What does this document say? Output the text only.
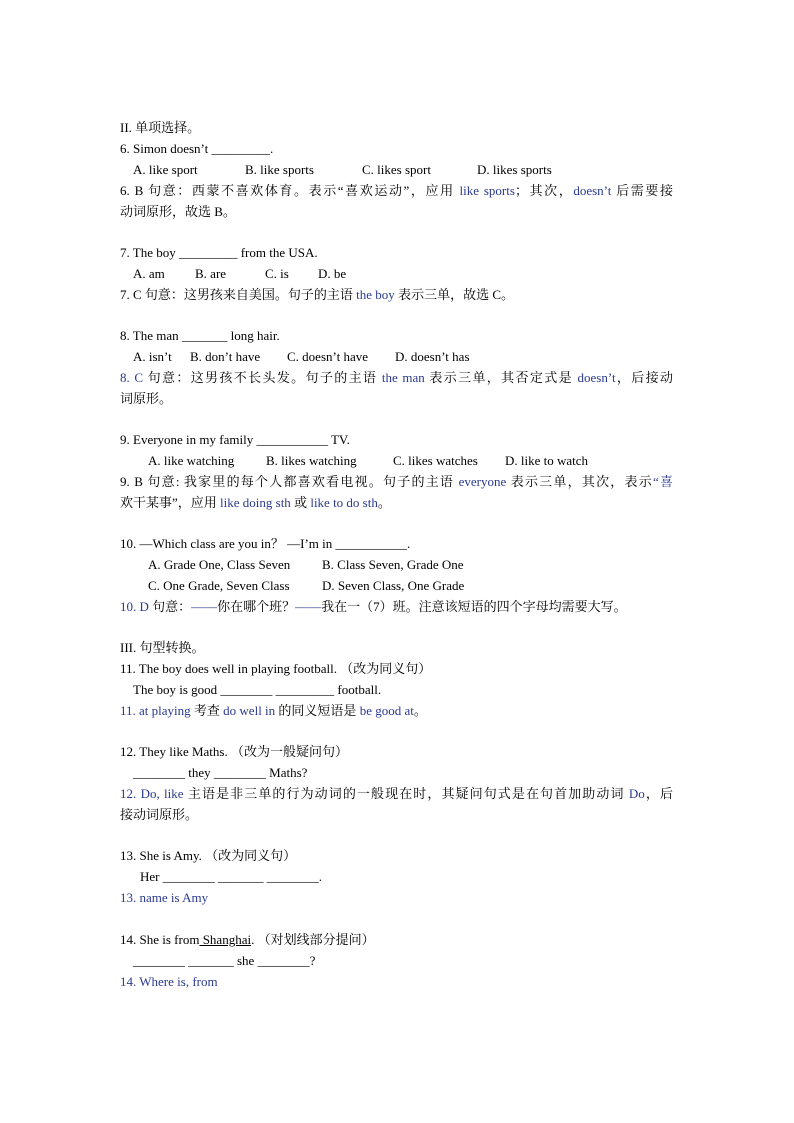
II. 单项选择。
6. Simon doesn’t _________.
A. like sport	B. like sports	C. likes sport	D. likes sports
6. B 句意：西蒙不喜欢体育。表示“喜欢运动”，应用 like sports；其次，doesn’t 后需要接
动词原形，故选 B。
7. The boy _________ from the USA.
A. am B. are	C. is D. be
7. C 句意：这男孩来自美国。句子的主语 the boy 表示三单，故选 C。
8. The man _______ long hair.
A. isn’t B. don’t have C. doesn’t have D. doesn’t has
8. C 句意：这男孩不长头发。句子的主语 the man 表示三单，其否定式是 doesn’t，后接动
词原形。
9. Everyone in my family ___________ TV.
A. like watching B. likes watching	C. likes watches D. like to watch
9. B 句意: 我家里的每个人都喜欢看电视。句子的主语 everyone 表示三单，其次，表示“喜
欢干某事”，应用 like doing sth 或 like to do sth。
10. —Which class are you in？ —I’m in ___________.
A. Grade One, Class Seven B. Class Seven, Grade One
C. One Grade, Seven Class D. Seven Class, One Grade
10. D 句意：——你在哪个班？——我在一（7）班。注意该短语的四个字母均需要大写。
III. 句型转换。
11. The boy does well in playing football. （改为同义句）
The boy is good ________ _________ football.
11. at playing 考查 do well in 的同义短语是 be good at。
12. They like Maths. （改为一般疑问句）
________ they ________ Maths?
12. Do, like 主语是非三单的行为动词的一般现在时，其疑问句式是在句首加助动词 Do，后
接动词原形。
13. She is Amy. （改为同义句）
Her ________ _______ ________.
13. name is Amy
14. She is from Shanghai. （对划线部分提问）
________ _______ she ________?
14. Where is, from
